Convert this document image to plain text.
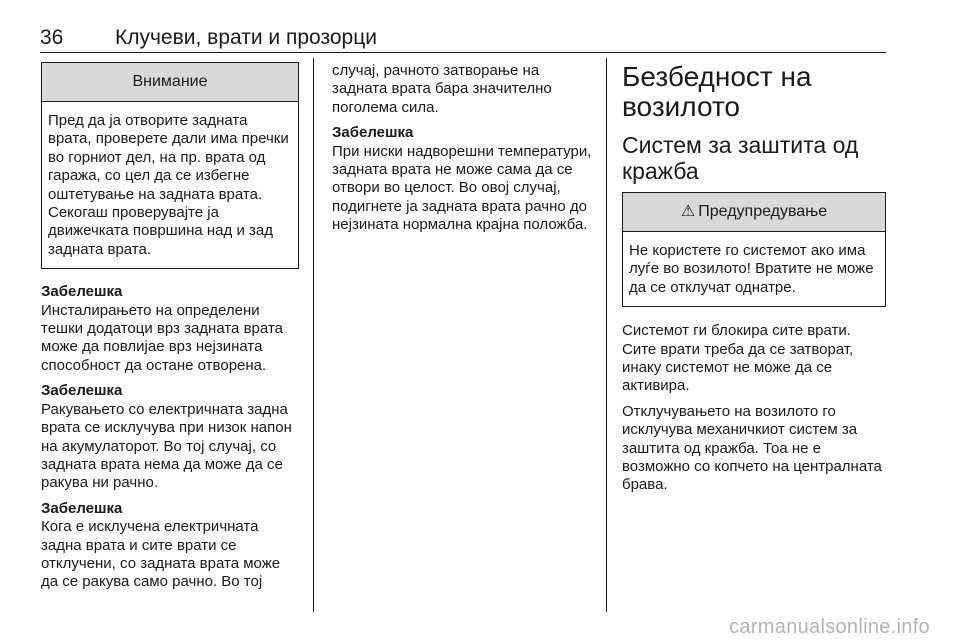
36 Клучеви, врати и прозорци
Внимание

Пред да ја отворите задната врата, проверете дали има пречки во горниот дел, на пр. врата од гаража, со цел да се избегне оштетување на задната врата. Секогаш проверувајте ја движечката површина над и зад задната врата.

Забелешка

Инсталирањето на определени тешки додатоци врз задната врата може да повлијае врз нејзината способност да остане отворена.

Забелешка

Ракувањето со електричната задна врата се исклучува при низок напон на акумулаторот. Во тој случај, со задната врата нема да може да се ракува ни рачно.

Забелешка

Кога е исклучена електричната задна врата и сите врати се отклучени, со задната врата може да се ракува само рачно. Во тој

случај, рачното затворање на задната врата бара значително поголема сила.

Забелешка

При ниски надворешни температури, задната врата не може сама да се отвори во целост. Во овој случај, подигнете ја задната врата рачно до нејзината нормална крајна положба.

Безбедност на возилото
Систем за заштита од кражба
⚠ Предупредување

Не користете го системот ако има луѓе во возилото! Вратите не може да се отклучат однатре.

Системот ги блокира сите врати. Сите врати треба да се затворат, инаку системот не може да се активира.

Отклучувањето на возилото го исклучува механичкиот систем за заштита од кражба. Тоа не е возможно со копчето на централната брава.

carmanualsonline.info
